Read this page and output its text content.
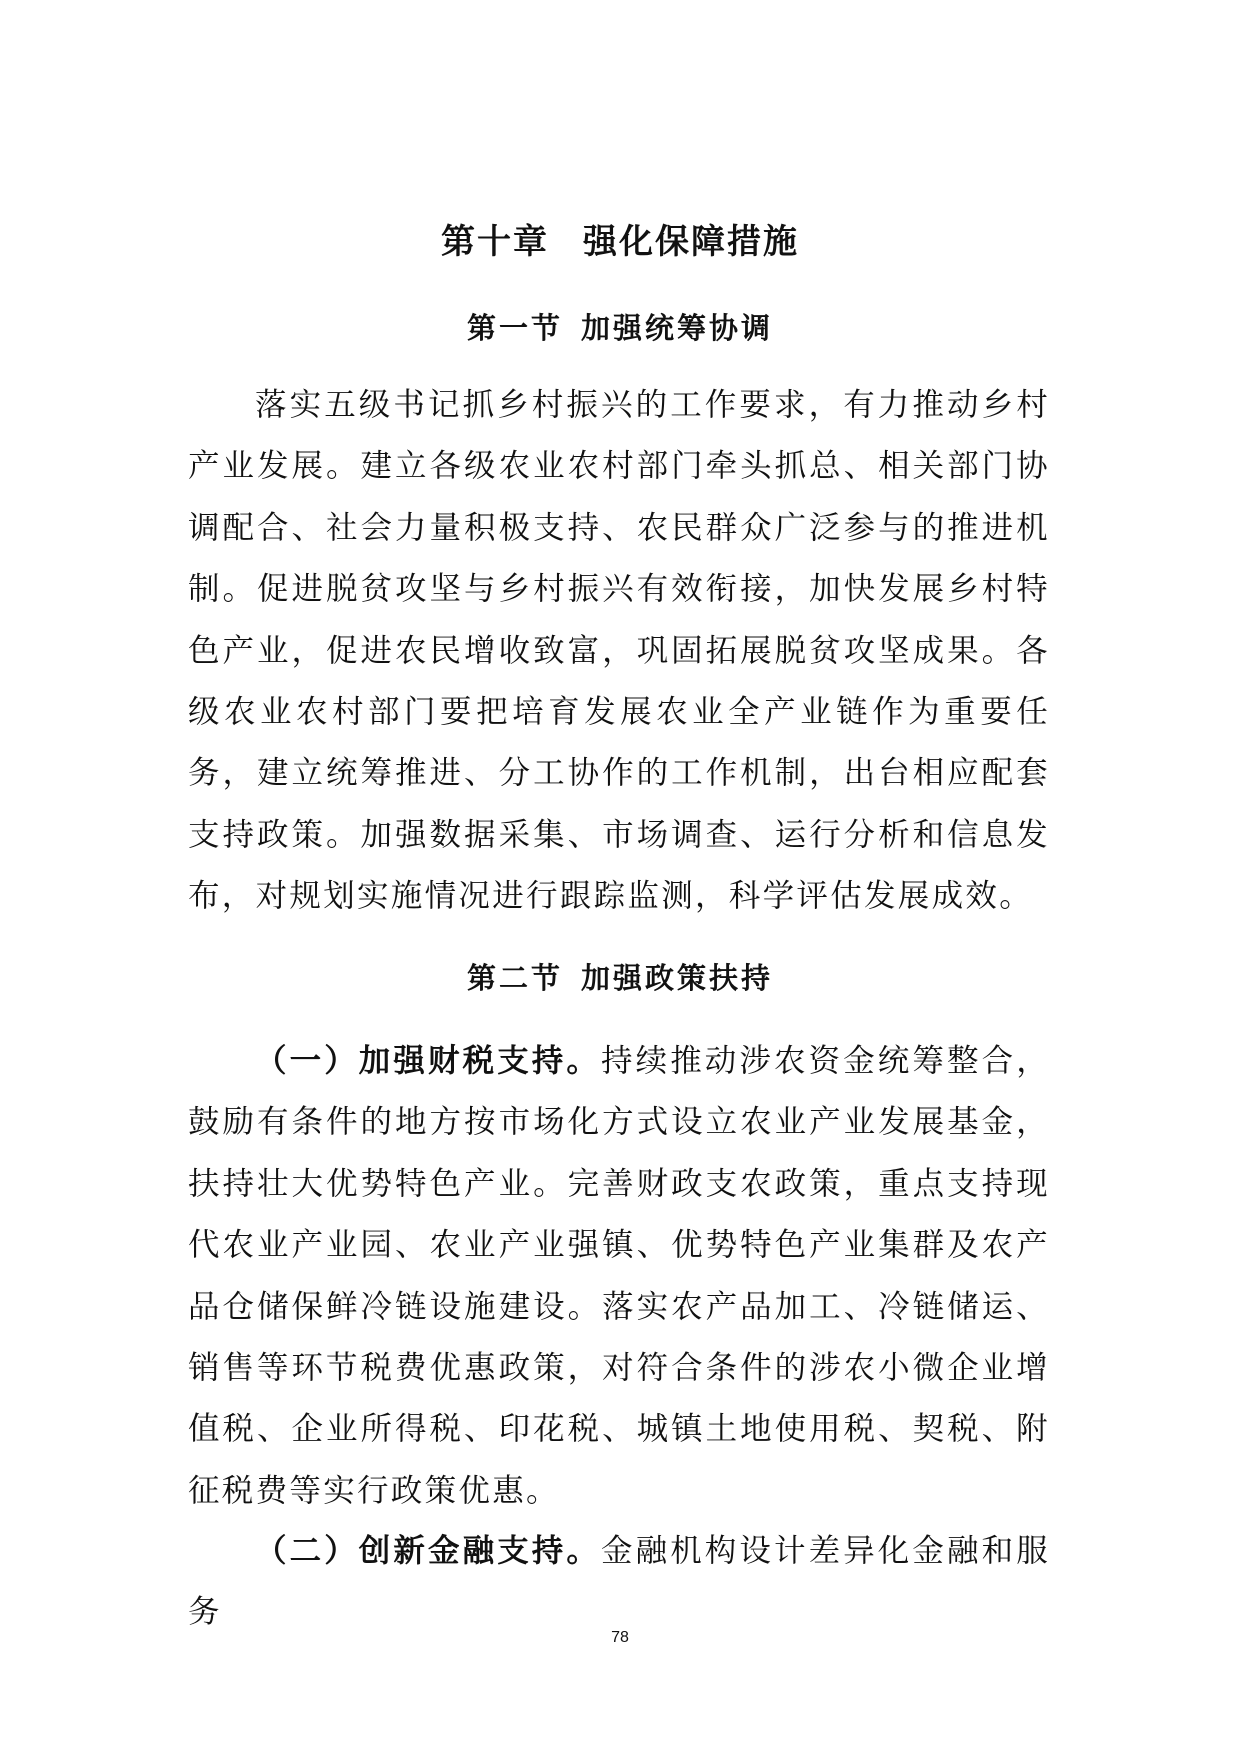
第十章 强化保障措施
第一节 加强统筹协调

落实五级书记抓乡村振兴的工作要求，有力推动乡村产业发展。建立各级农业农村部门牵头抓总、相关部门协调配合、社会力量积极支持、农民群众广泛参与的推进机制。促进脱贫攻坚与乡村振兴有效衔接，加快发展乡村特色产业，促进农民增收致富，巩固拓展脱贫攻坚成果。各级农业农村部门要把培育发展农业全产业链作为重要任务，建立统筹推进、分工协作的工作机制，出台相应配套支持政策。加强数据采集、市场调查、运行分析和信息发布，对规划实施情况进行跟踪监测，科学评估发展成效。

第二节 加强政策扶持

（一）加强财税支持。持续推动涉农资金统筹整合，鼓励有条件的地方按市场化方式设立农业产业发展基金，扶持壮大优势特色产业。完善财政支农政策，重点支持现代农业产业园、农业产业强镇、优势特色产业集群及农产品仓储保鲜冷链设施建设。落实农产品加工、冷链储运、销售等环节税费优惠政策，对符合条件的涉农小微企业增值税、企业所得税、印花税、城镇土地使用税、契税、附征税费等实行政策优惠。

（二）创新金融支持。金融机构设计差异化金融和服务

78
